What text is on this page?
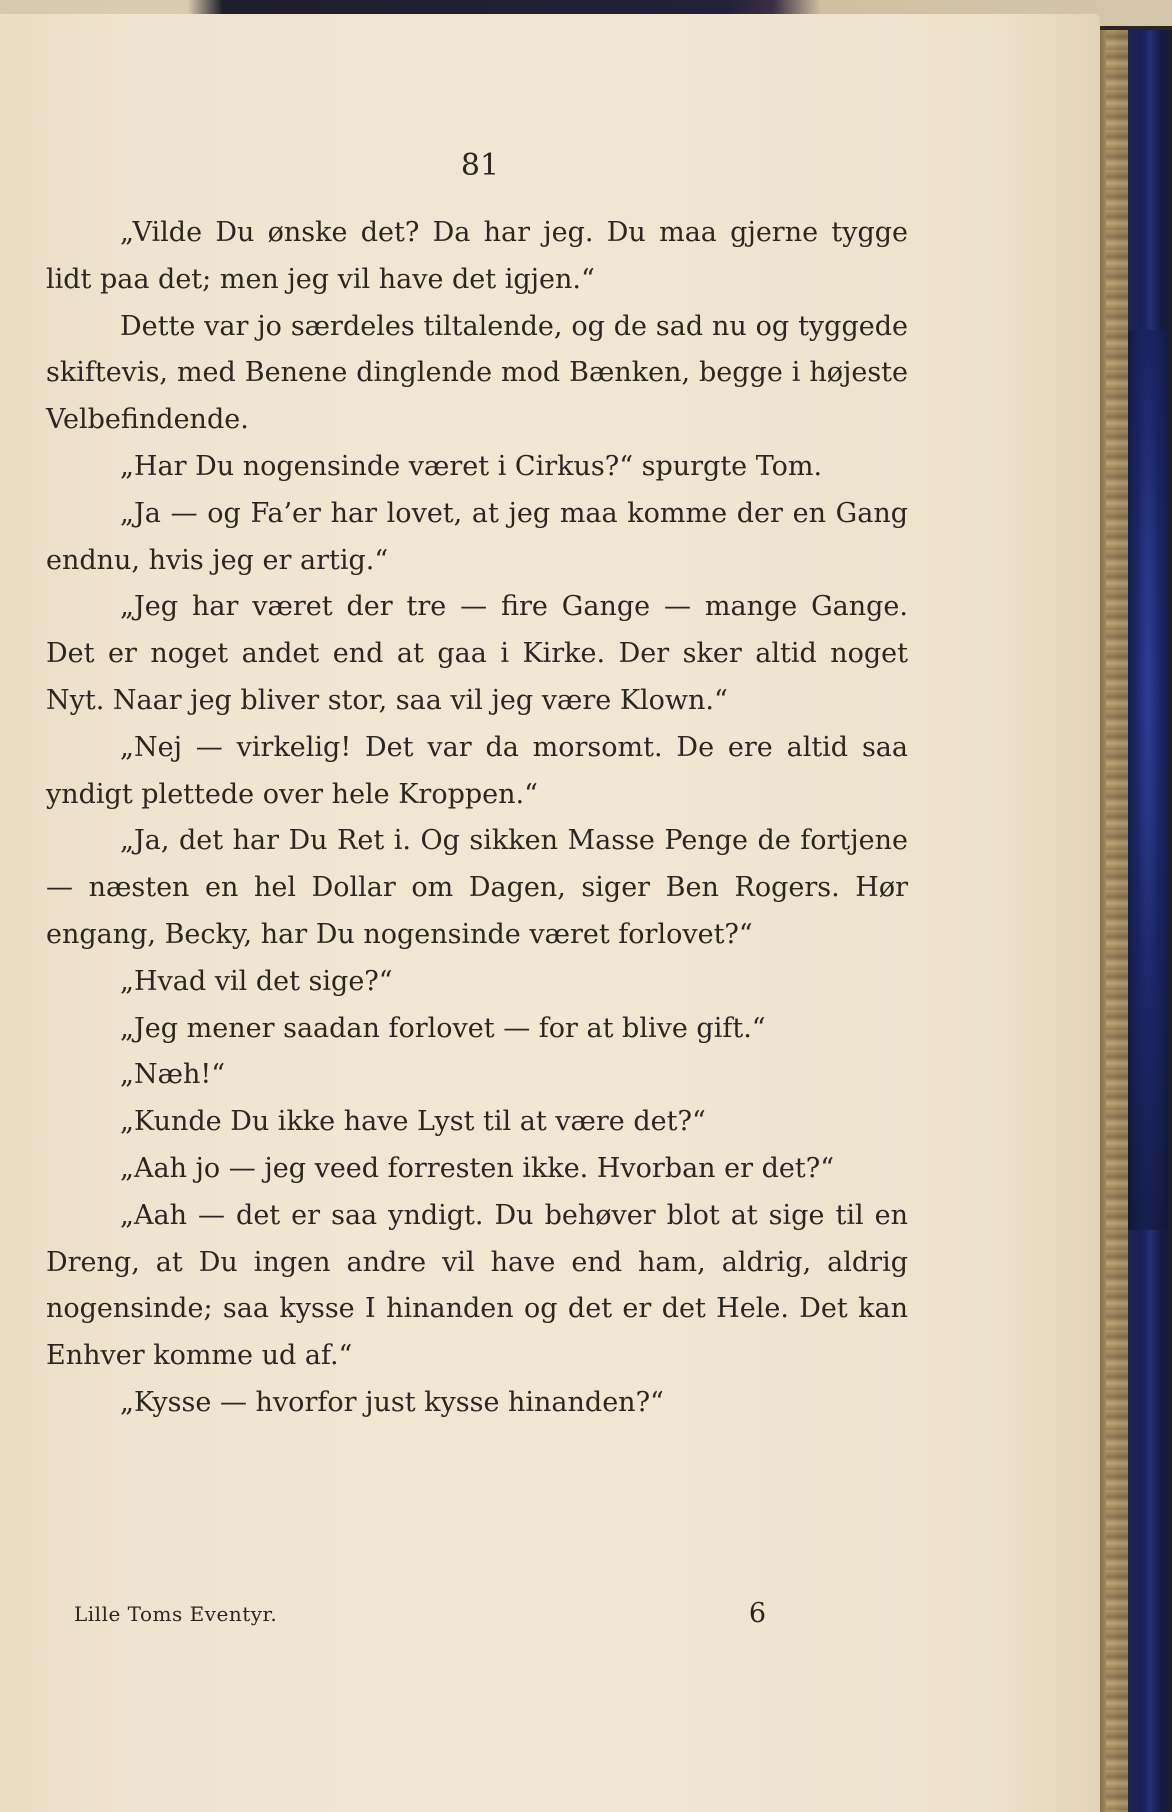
81

„Vilde Du ønske det? Da har jeg. Du maa gjerne tygge lidt paa det; men jeg vil have det igjen.“

Dette var jo særdeles tiltalende, og de sad nu og tyggede skiftevis, med Benene dinglende mod Bænken, begge i højeste Velbefindende.

„Har Du nogensinde været i Cirkus?“ spurgte Tom.

„Ja — og Fa’er har lovet, at jeg maa komme der en Gang endnu, hvis jeg er artig.“

„Jeg har været der tre — fire Gange — mange Gange. Det er noget andet end at gaa i Kirke. Der sker altid noget Nyt. Naar jeg bliver stor, saa vil jeg være Klown.“

„Nej — virkelig! Det var da morsomt. De ere altid saa yndigt plettede over hele Kroppen.“

„Ja, det har Du Ret i. Og sikken Masse Penge de fortjene — næsten en hel Dollar om Dagen, siger Ben Rogers. Hør engang, Becky, har Du nogensinde været forlovet?“

„Hvad vil det sige?“

„Jeg mener saadan forlovet — for at blive gift.“

„Næh!“

„Kunde Du ikke have Lyst til at være det?“

„Aah jo — jeg veed forresten ikke. Hvorban er det?“

„Aah — det er saa yndigt. Du behøver blot at sige til en Dreng, at Du ingen andre vil have end ham, aldrig, aldrig nogensinde; saa kysse I hinanden og det er det Hele. Det kan Enhver komme ud af.“

„Kysse — hvorfor just kysse hinanden?“

Lille Toms Eventyr.	6
